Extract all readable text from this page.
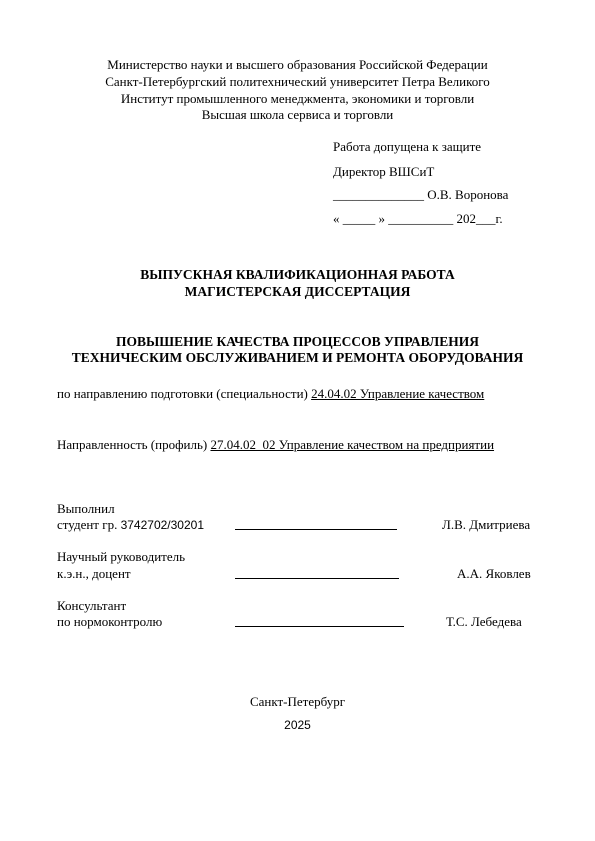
Министерство науки и высшего образования Российской Федерации
Санкт-Петербургский политехнический университет Петра Великого
Институт промышленного менеджмента, экономики и торговли
Высшая школа сервиса и торговли
Работа допущена к защите
Директор ВШСиТ
______________ О.В. Воронова
« _____ » __________ 202___г.
ВЫПУСКНАЯ КВАЛИФИКАЦИОННАЯ РАБОТА
МАГИСТЕРСКАЯ ДИССЕРТАЦИЯ
ПОВЫШЕНИЕ КАЧЕСТВА ПРОЦЕССОВ УПРАВЛЕНИЯ
ТЕХНИЧЕСКИМ ОБСЛУЖИВАНИЕМ И РЕМОНТА ОБОРУДОВАНИЯ
по направлению подготовки (специальности) 24.04.02 Управление качеством
Направленность (профиль) 27.04.02_02 Управление качеством на предприятии
Выполнил
студент гр. 3742702/30201	Л.В. Дмитриева
Научный руководитель
к.э.н., доцент	А.А. Яковлев
Консультант
по нормоконтролю	Т.С. Лебедева
Санкт-Петербург
2025
